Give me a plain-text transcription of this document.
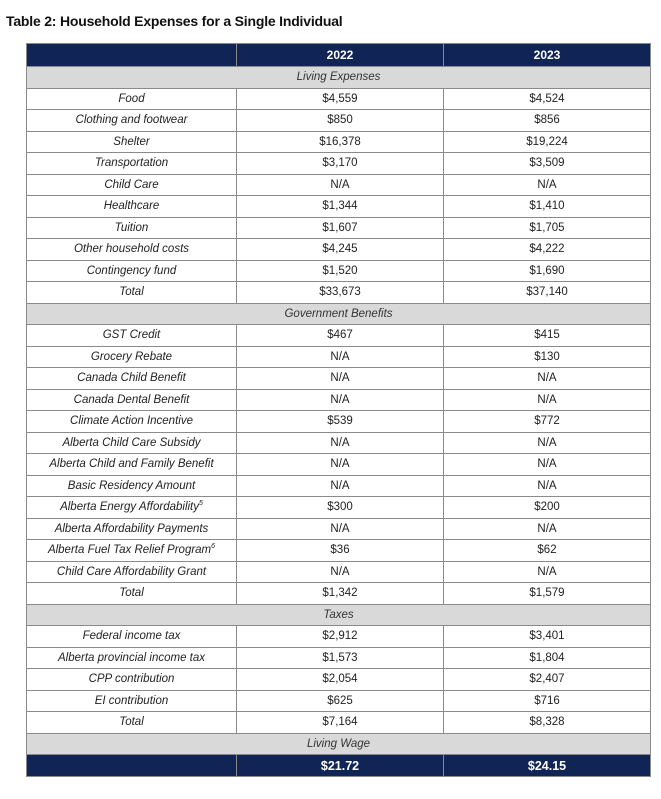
Table 2: Household Expenses for a Single Individual
	2022	2023
Living Expenses		
Food	$4,559	$4,524
Clothing and footwear	$850	$856
Shelter	$16,378	$19,224
Transportation	$3,170	$3,509
Child Care	N/A	N/A
Healthcare	$1,344	$1,410
Tuition	$1,607	$1,705
Other household costs	$4,245	$4,222
Contingency fund	$1,520	$1,690
Total	$33,673	$37,140
Government Benefits		
GST Credit	$467	$415
Grocery Rebate	N/A	$130
Canada Child Benefit	N/A	N/A
Canada Dental Benefit	N/A	N/A
Climate Action Incentive	$539	$772
Alberta Child Care Subsidy	N/A	N/A
Alberta Child and Family Benefit	N/A	N/A
Basic Residency Amount	N/A	N/A
Alberta Energy Affordability$^5$	$300	$200
Alberta Affordability Payments	N/A	N/A
Alberta Fuel Tax Relief Program$^6$	$36	$62
Child Care Affordability Grant	N/A	N/A
Total	$1,342	$1,579
Taxes		
Federal income tax	$2,912	$3,401
Alberta provincial income tax	$1,573	$1,804
CPP contribution	$2,054	$2,407
EI contribution	$625	$716
Total	$7,164	$8,328
Living Wage		
	$21.72	$24.15
